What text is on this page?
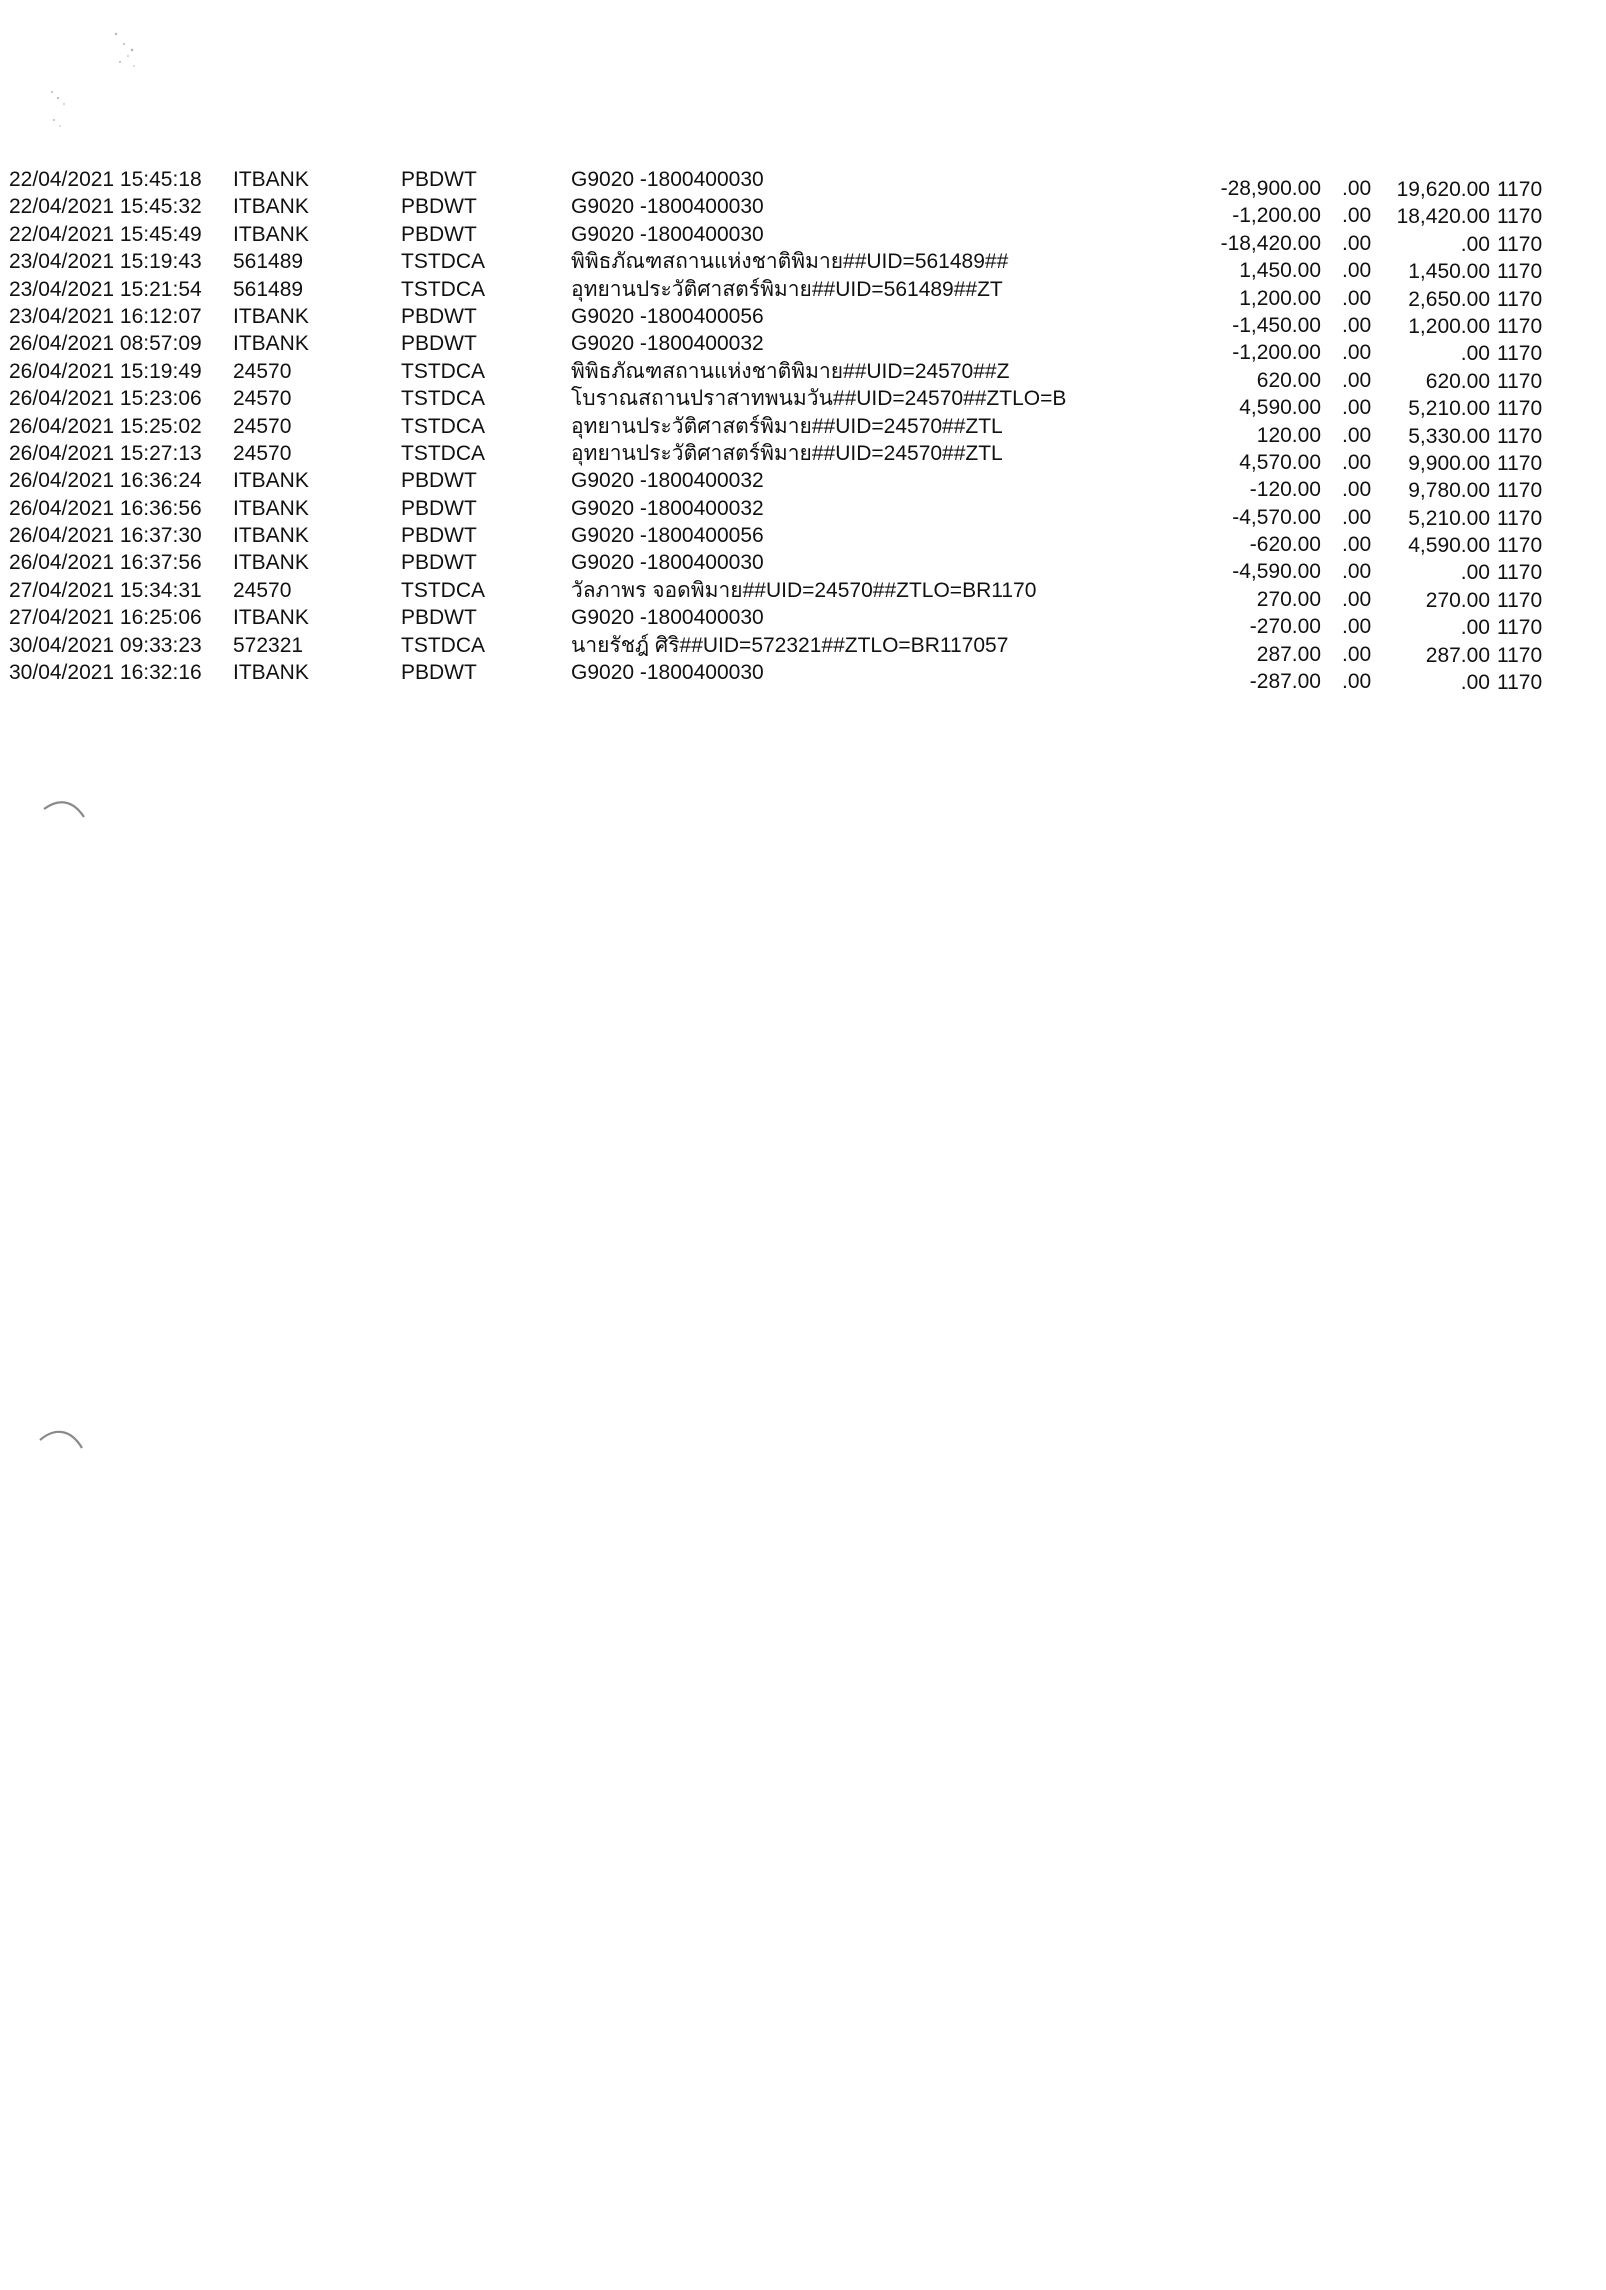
22/04/2021 15:45:18 ITBANK	PBDWT	G9020 -1800400030	-28,900.00 .00 19,620.00 1170
22/04/2021 15:45:32 ITBANK	PBDWT	G9020 -1800400030	-1,200.00 .00 18,420.00 1170
22/04/2021 15:45:49 ITBANK	PBDWT	G9020 -1800400030	-18,420.00 .00	.00 1170
23/04/2021 15:19:43 561489	TSTDCA	พิพิธภัณฑสถานแห่งชาติพิมาย##UID=561489##	1,450.00 .00 1,450.00 1170
23/04/2021 15:21:54 561489	TSTDCA	อุทยานประวัติศาสตร์พิมาย##UID=561489##ZT	1,200.00 .00 2,650.00 1170
23/04/2021 16:12:07 ITBANK	PBDWT	G9020 -1800400056	-1,450.00 .00 1,200.00 1170
26/04/2021 08:57:09 ITBANK	PBDWT	G9020 -1800400032	-1,200.00 .00	.00 1170
26/04/2021 15:19:49 24570	TSTDCA	พิพิธภัณฑสถานแห่งชาติพิมาย##UID=24570##Z	620.00 .00	620.00 1170
26/04/2021 15:23:06 24570	TSTDCA	โบราณสถานปราสาทพนมวัน##UID=24570##ZTLO=B	4,590.00 .00 5,210.00 1170
26/04/2021 15:25:02 24570	TSTDCA	อุทยานประวัติศาสตร์พิมาย##UID=24570##ZTL	120.00 .00 5,330.00 1170
26/04/2021 15:27:13 24570	TSTDCA	อุทยานประวัติศาสตร์พิมาย##UID=24570##ZTL	4,570.00 .00 9,900.00 1170
26/04/2021 16:36:24 ITBANK	PBDWT	G9020 -1800400032	-120.00 .00 9,780.00 1170
26/04/2021 16:36:56 ITBANK	PBDWT	G9020 -1800400032	-4,570.00 .00 5,210.00 1170
26/04/2021 16:37:30 ITBANK	PBDWT	G9020 -1800400056	-620.00 .00 4,590.00 1170
26/04/2021 16:37:56 ITBANK	PBDWT	G9020 -1800400030	-4,590.00 .00	.00 1170
27/04/2021 15:34:31 24570	TSTDCA	วัลภาพร จอดพิมาย##UID=24570##ZTLO=BR1170	270.00 .00	270.00 1170
27/04/2021 16:25:06 ITBANK	PBDWT	G9020 -1800400030	-270.00 .00	.00 1170
30/04/2021 09:33:23 572321	TSTDCA	นายรัชฎ์ ศิริ##UID=572321##ZTLO=BR117057	287.00 .00	287.00 1170
30/04/2021 16:32:16 ITBANK	PBDWT	G9020 -1800400030	-287.00 .00	.00 1170
